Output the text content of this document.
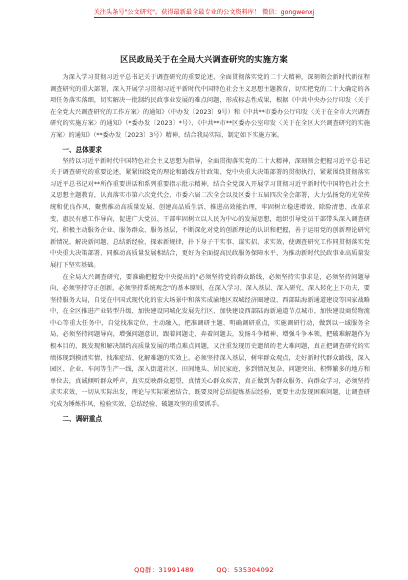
关注头条号"公文研究"，获得最新最全最专业的公文资料库！ 微信：gongwenxj
区民政局关于在全局大兴调查研究的实施方案

为深入学习贯彻习近平总书记关于调查研究的重要论述，全面贯彻落实党的二十大精神，深刻领会新时代新征程调查研究的重大部署，深入开展学习贯彻习近平新时代中国特色社会主义思想主题教育，切实把党的二十大确定的各项任务落实落细，切实解决一批制约民政事业发展的难点问题，形成标志性成果，根据《中共中央办公厅印发〈关于在全党大兴调查研究的工作方案〉的通知》（中办发〔2023〕9号）和《中共**市委办公厅印发〈关于在全市大兴调查研究的实施方案〉的通知》（*委办发〔2023〕*号）、《中共**市**区委办公室印发〈关于在全区大兴调查研究的实施方案〉的通知》（**委办发〔2023〕3号）精神，结合我局实际，制定如下实施方案。

一、总体要求

坚持以习近平新时代中国特色社会主义思想为指导，全面贯彻落实党的二十大精神，深刻领会把握习近平总书记关于调查研究的重要论述，紧紧围绕党的理论和路线方针政策、党中央重大决策部署的贯彻执行，紧紧围绕贯彻落实习近平总书记对**所作重要讲话和系列重要指示批示精神，结合全党深入开展学习贯彻习近平新时代中国特色社会主义思想主题教育，认真落实市第六次党代会、市委六届二次全会以及区委十五届四次全会部署，大力弘扬党的光荣传统和优良作风，聚焦推动高质量发展、创建高品质生活、推进高效能治理，牢固树立稳进增效、除险清患、改革求变、惠民有感工作导向，促进广大党员、干部牢固树立以人民为中心的发展思想，组织引导党员干部带头深入调查研究，积极主动服务企业、服务群众、服务基层，不断深化对党的创新理论的认识和把握，善于运用党的创新理论研究新情况、解决新问题、总结新经验、探索新规律，扑下身子干实事、谋实招、求实效，使调查研究工作同贯彻落实党中央重大决策部署、同推动高质量发展相结合，更好为全面提高民政服务保障水平、为推动新时代民政事业高质量发展打下坚实基础。

在全局大兴调查研究，要准确把握党中央提出的"必须坚持党的群众路线，必须坚持实事求是，必须坚持问题导向，必须坚持守正创新，必须坚持系统观念"的基本原则，在深入学习、深入基层、深入研究、深入转化上下功夫，要坚持服务大局，自觉在中国式现代化的宏大场景中和落实成渝地区双城经济圈建设、西部陆海新通道建设等国家战略中，在全区推进产业转型升级、加快建设同城化发展先行区、加快建设西部陆海新通道节点城市、加快建设商贸物流中心等重大任务中，自觉找准定位、主动融入，把准调研主题、明确调研重点，实施调研行动，做到以一域服务全局，必须坚持问题导向，增强问题意识，跟着问题走、奔着问题去，发扬斗争精神、增强斗争本领，把破难解题作为根本目的，既发现和解决制约高质量发展的堵点难点问题，又注重发现历史遗留的老大难问题，真正把调查研究的实绩体现到摸清实情、找准症结、化解难题的实效上。必须坚持深入基层，树牢群众观点，走好新时代群众路线，深入园区、企业、车间等生产一线，深入街道社区、田间地头、居民家庭，多到情况复杂、问题突出、积弊繁多的地方和单位去，真诚倾听群众呼声，真实反映群众愿望，真情关心群众疾苦，真正做到为群众服务、向群众学习，必须坚持求实求效，一切从实际出发，理论与实际紧密结合，既要及时总结提炼基层经验，更要主动发现困难问题，让调查研究成为锤炼作风、检验实效、总结经验、破题攻坚的重要抓手。

二、调研重点

QQ群：31991489	QQ：535304092
